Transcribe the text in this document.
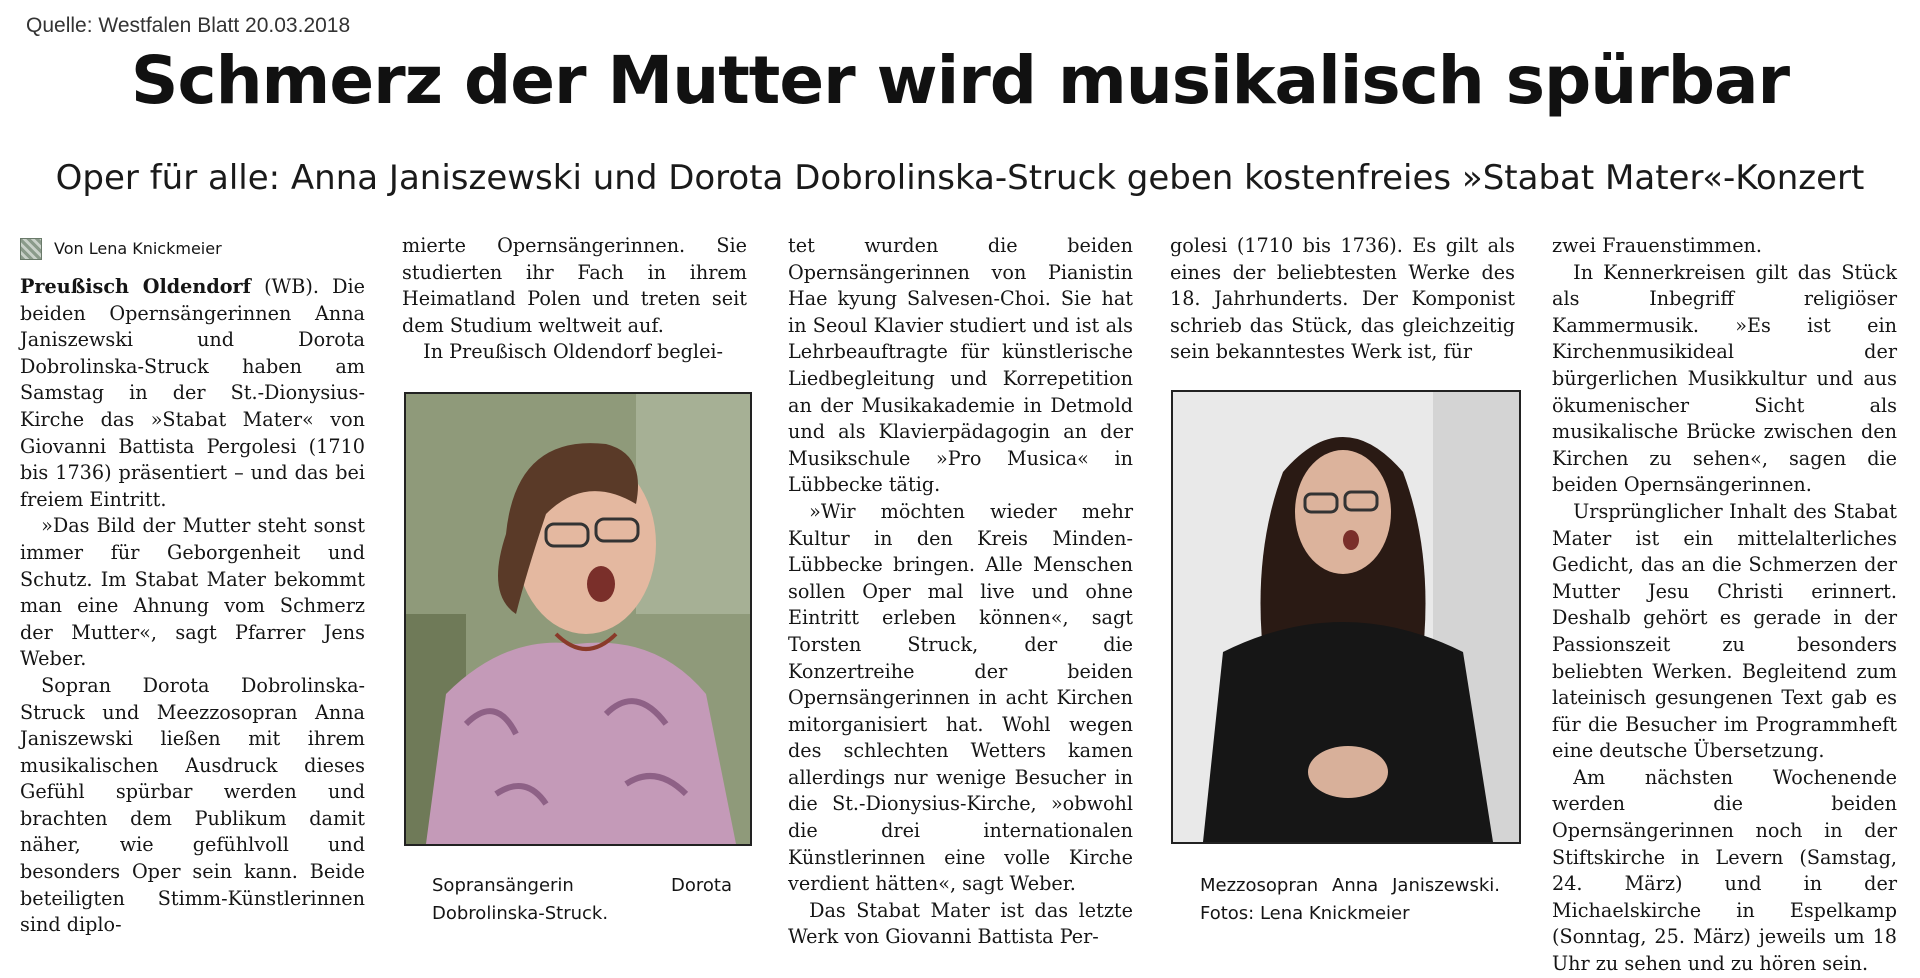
Quelle: Westfalen Blatt 20.03.2018
Schmerz der Mutter wird musikalisch spürbar
Oper für alle: Anna Janiszewski und Dorota Dobrolinska-Struck geben kostenfreies »Stabat Mater«-Konzert
Von Lena Knickmeier

Preußisch Oldendorf (WB). Die beiden Opernsängerinnen Anna Janiszewski und Dorota Dobrolinska-Struck haben am Samstag in der St.-Dionysius-Kirche das »Stabat Mater« von Giovanni Battista Pergolesi (1710 bis 1736) präsentiert – und das bei freiem Eintritt.

»Das Bild der Mutter steht sonst immer für Geborgenheit und Schutz. Im Stabat Mater bekommt man eine Ahnung vom Schmerz der Mutter«, sagt Pfarrer Jens Weber.

Sopran Dorota Dobrolinska-Struck und Meezzosopran Anna Janiszewski ließen mit ihrem musikalischen Ausdruck dieses Gefühl spürbar werden und brachten dem Publikum damit näher, wie gefühlvoll und besonders Oper sein kann. Beide beteiligten Stimm-Künstlerinnen sind diplo-

mierte Opernsängerinnen. Sie studierten ihr Fach in ihrem Heimatland Polen und treten seit dem Studium weltweit auf.

In Preußisch Oldendorf beglei-

Sopransängerin Dorota Dobrolinska-Struck.

tet wurden die beiden Opernsängerinnen von Pianistin Hae kyung Salvesen-Choi. Sie hat in Seoul Klavier studiert und ist als Lehrbeauftragte für künstlerische Liedbegleitung und Korrepetition an der Musikakademie in Detmold und als Klavierpädagogin an der Musikschule »Pro Musica« in Lübbecke tätig.

»Wir möchten wieder mehr Kultur in den Kreis Minden-Lübbecke bringen. Alle Menschen sollen Oper mal live und ohne Eintritt erleben können«, sagt Torsten Struck, der die Konzertreihe der beiden Opernsängerinnen in acht Kirchen mitorganisiert hat. Wohl wegen des schlechten Wetters kamen allerdings nur wenige Besucher in die St.-Dionysius-Kirche, »obwohl die drei internationalen Künstlerinnen eine volle Kirche verdient hätten«, sagt Weber.

Das Stabat Mater ist das letzte Werk von Giovanni Battista Per-

golesi (1710 bis 1736). Es gilt als eines der beliebtesten Werke des 18. Jahrhunderts. Der Komponist schrieb das Stück, das gleichzeitig sein bekanntestes Werk ist, für

Mezzosopran Anna Janiszewski. Fotos: Lena Knickmeier

zwei Frauenstimmen.

In Kennerkreisen gilt das Stück als Inbegriff religiöser Kammermusik. »Es ist ein Kirchenmusikideal der bürgerlichen Musikkultur und aus ökumenischer Sicht als musikalische Brücke zwischen den Kirchen zu sehen«, sagen die beiden Opernsängerinnen.

Ursprünglicher Inhalt des Stabat Mater ist ein mittelalterliches Gedicht, das an die Schmerzen der Mutter Jesu Christi erinnert. Deshalb gehört es gerade in der Passionszeit zu besonders beliebten Werken. Begleitend zum lateinisch gesungenen Text gab es für die Besucher im Programmheft eine deutsche Übersetzung.

Am nächsten Wochenende werden die beiden Opernsängerinnen noch in der Stiftskirche in Levern (Samstag, 24. März) und in der Michaelskirche in Espelkamp (Sonntag, 25. März) jeweils um 18 Uhr zu sehen und zu hören sein.
